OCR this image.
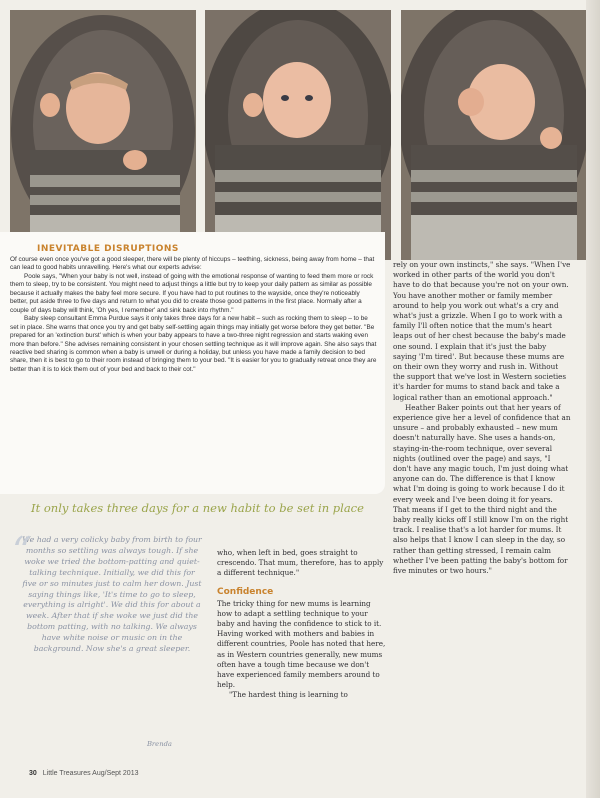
INEVITABLE DISRUPTIONS

Of course even once you've got a good sleeper, there will be plenty of hiccups – teething, sickness, being away from home – that can lead to good habits unravelling. Here's what our experts advise:

Poole says, "When your baby is not well, instead of going with the emotional response of wanting to feed them more or rock them to sleep, try to be consistent. You might need to adjust things a little but try to keep your daily pattern as similar as possible because it actually makes the baby feel more secure. If you have had to put routines to the wayside, once they're noticeably better, put aside three to five days and return to what you did to create those good patterns in the first place. Normally after a couple of days baby will think, 'Oh yes, I remember' and sink back into rhythm."

Baby sleep consultant Emma Purdue says it only takes three days for a new habit – such as rocking them to sleep – to be set in place. She warns that once you try and get baby self-settling again things may initially get worse before they get better. "Be prepared for an 'extinction burst' which is when your baby appears to have a two-three night regression and starts waking even more than before." She advises remaining consistent in your chosen settling technique as it will improve again. She also says that reactive bed sharing is common when a baby is unwell or during a holiday, but unless you have made a family decision to bed share, then it is best to go to their room instead of bringing them to your bed. "It is easier for you to gradually retreat once they are better than it is to kick them out of your bed and back to their cot."

It only takes three days for a new habit to be set in place

rely on your own instincts," she says. "When I've worked in other parts of the world you don't have to do that because you're not on your own. You have another mother or family member around to help you work out what's a cry and what's just a grizzle. When I go to work with a family I'll often notice that the mum's heart leaps out of her chest because the baby's made one sound. I explain that it's just the baby saying 'I'm tired'. But because these mums are on their own they worry and rush in. Without the support that we've lost in Western societies it's harder for mums to stand back and take a logical rather than an emotional approach."

Heather Baker points out that her years of experience give her a level of confidence that an unsure – and probably exhausted – new mum doesn't naturally have. She uses a hands-on, staying-in-the-room technique, over several nights (outlined over the page) and says, "I don't have any magic touch, I'm just doing what anyone can do. The difference is that I know what I'm doing is going to work because I do it every week and I've been doing it for years. That means if I get to the third night and the baby really kicks off I still know I'm on the right track. I realise that's a lot harder for mums. It also helps that I know I can sleep in the day, so rather than getting stressed, I remain calm whether I've been patting the baby's bottom for five minutes or two hours."

“

We had a very colicky baby from birth to four months so settling was always tough. If she woke we tried the bottom-patting and quiet-talking technique. Initially, we did this for five or so minutes just to calm her down. Just saying things like, 'It's time to go to sleep, everything is alright'. We did this for about a week. After that if she woke we just did the bottom patting, with no talking. We always have white noise or music on in the background. Now she's a great sleeper.

Brenda

who, when left in bed, goes straight to crescendo. That mum, therefore, has to apply a different technique."

Confidence

The tricky thing for new mums is learning how to adapt a settling technique to your baby and having the confidence to stick to it. Having worked with mothers and babies in different countries, Poole has noted that here, as in Western countries generally, new mums often have a tough time because we don't have experienced family members around to help.

"The hardest thing is learning to

30 Little Treasures Aug/Sept 2013
